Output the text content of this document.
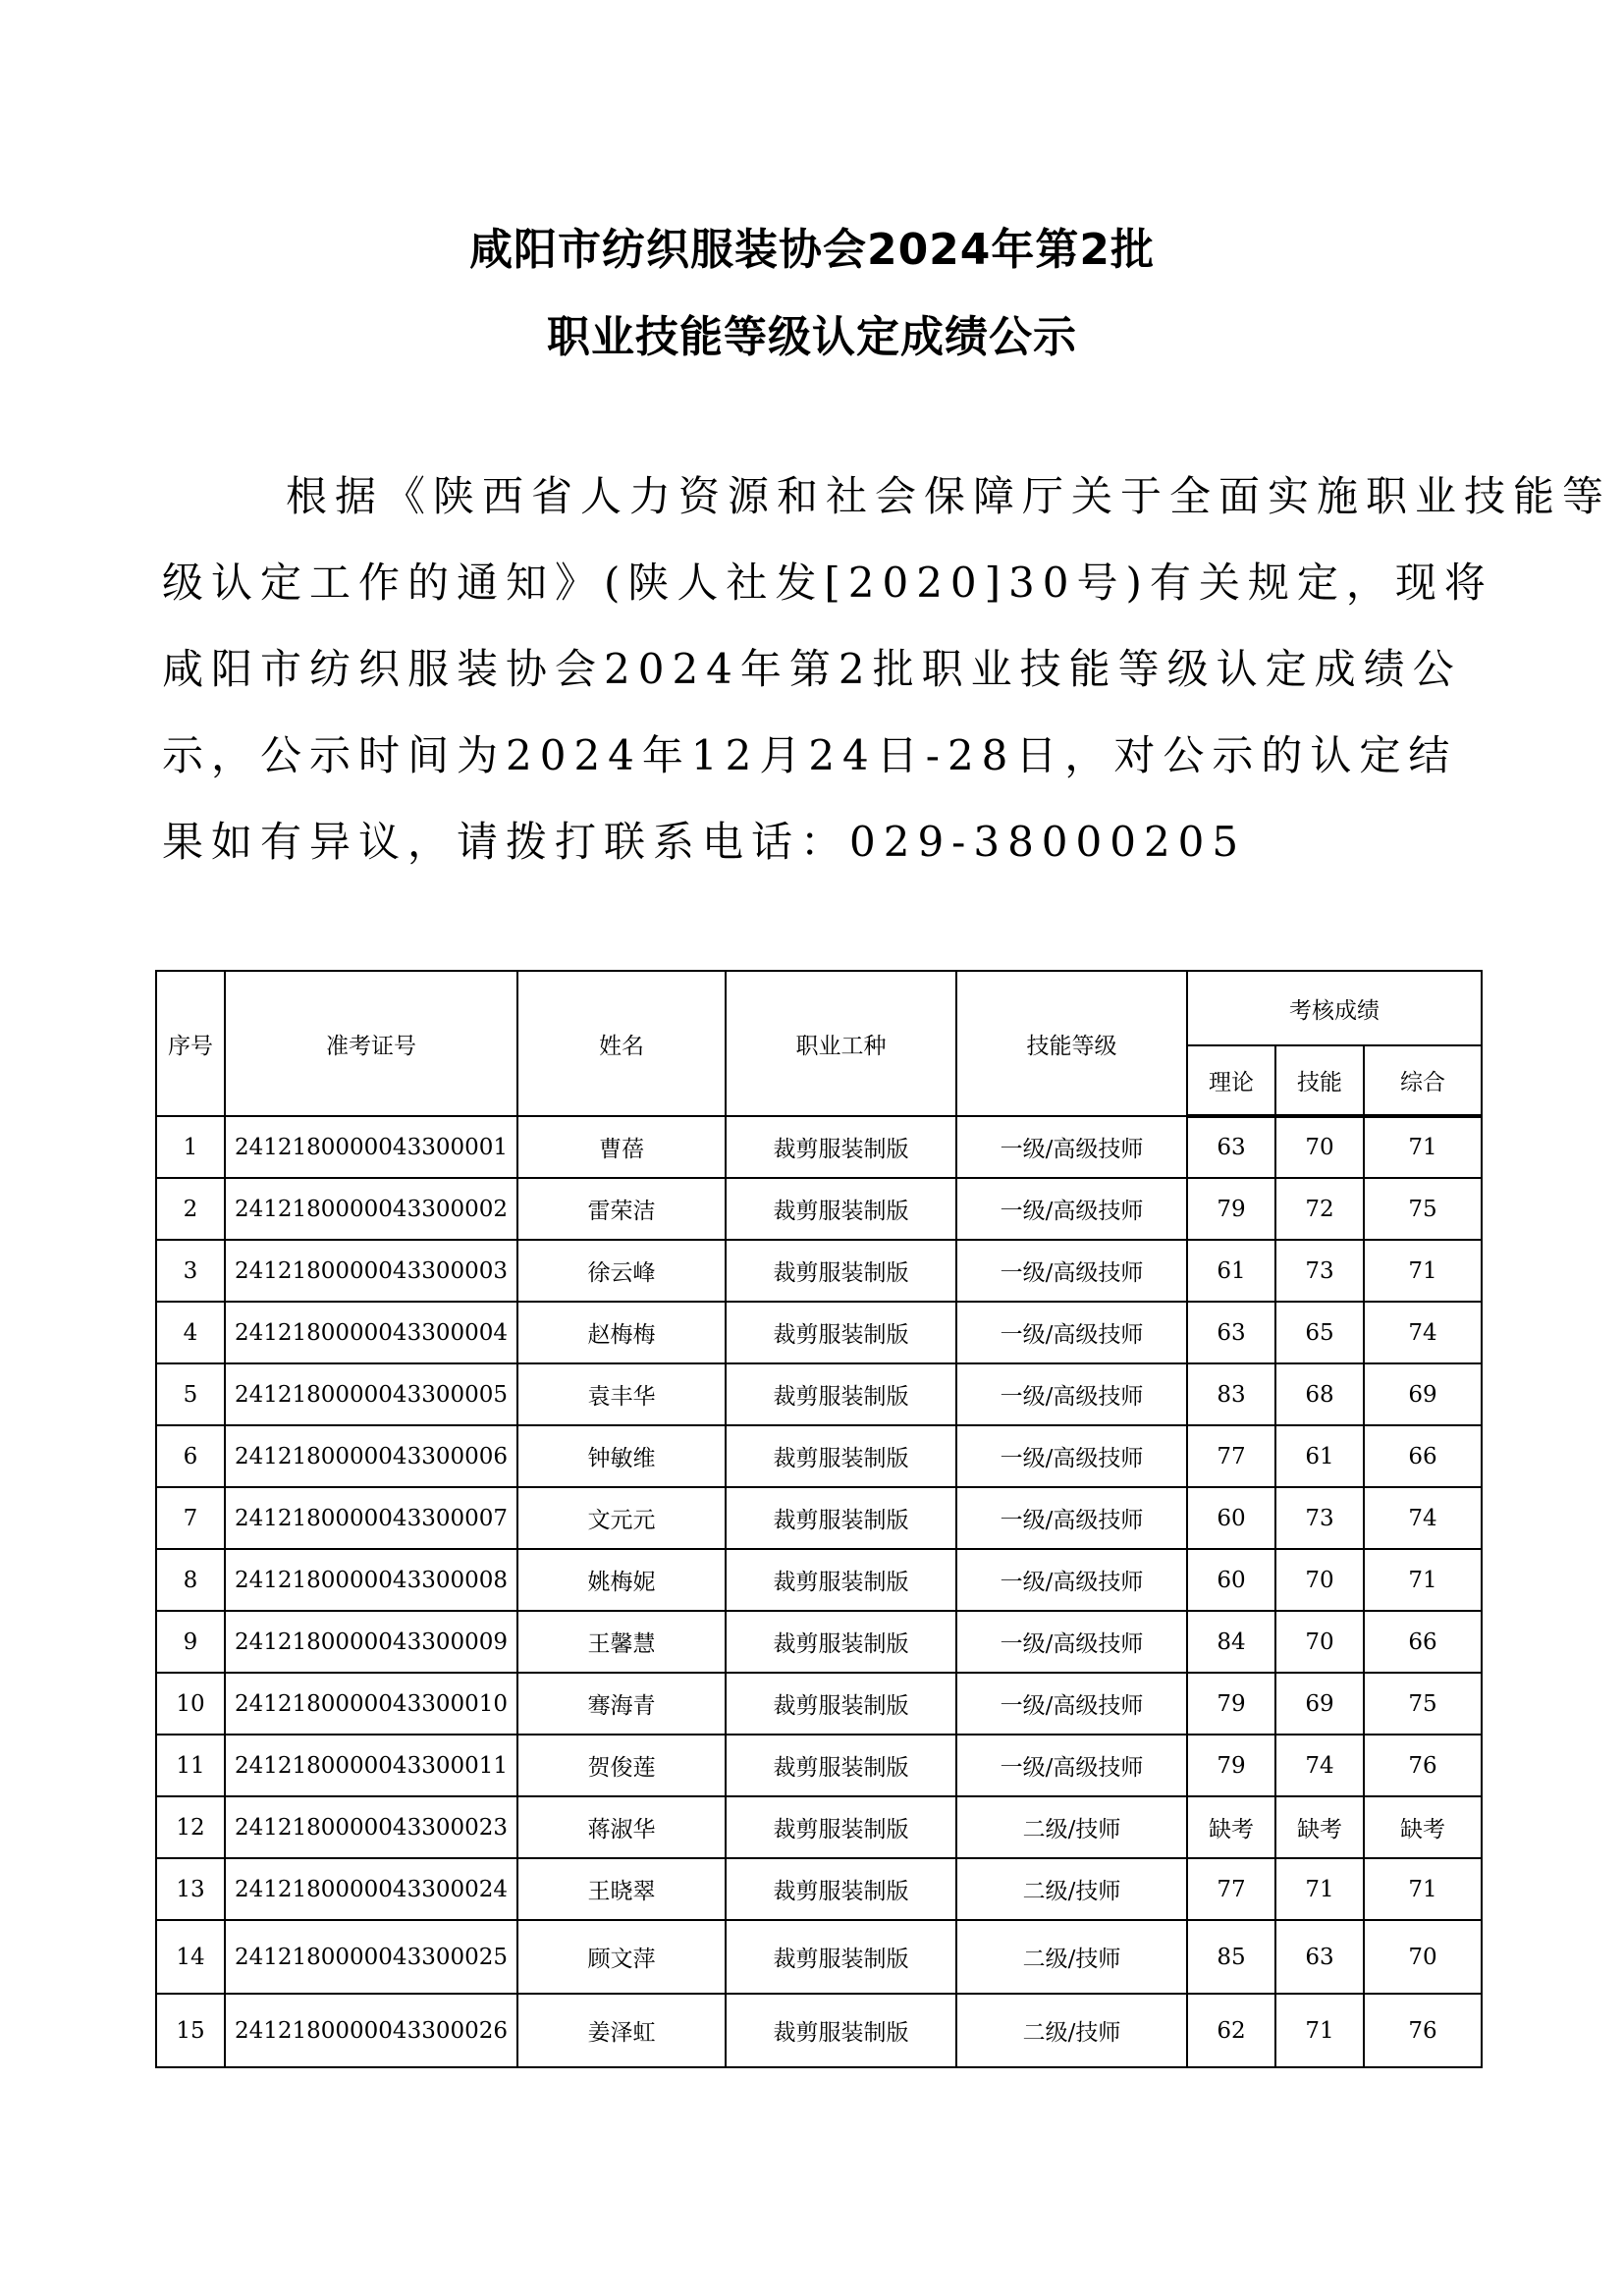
咸阳市纺织服装协会2024年第2批
职业技能等级认定成绩公示

根据《陕西省人力资源和社会保障厅关于全面实施职业技能等

级认定工作的通知》(陕人社发[2020]30号)有关规定，现将

咸阳市纺织服装协会2024年第2批职业技能等级认定成绩公

示，公示时间为2024年12月24日-28日，对公示的认定结

果如有异议，请拨打联系电话：029-38000205

序号	准考证号	姓名	职业工种	技能等级	考核成绩		
					理论	技能	综合
1	2412180000043300001	曹蓓	裁剪服装制版	一级/高级技师	63	70	71
2	2412180000043300002	雷荣洁	裁剪服装制版	一级/高级技师	79	72	75
3	2412180000043300003	徐云峰	裁剪服装制版	一级/高级技师	61	73	71
4	2412180000043300004	赵梅梅	裁剪服装制版	一级/高级技师	63	65	74
5	2412180000043300005	袁丰华	裁剪服装制版	一级/高级技师	83	68	69
6	2412180000043300006	钟敏维	裁剪服装制版	一级/高级技师	77	61	66
7	2412180000043300007	文元元	裁剪服装制版	一级/高级技师	60	73	74
8	2412180000043300008	姚梅妮	裁剪服装制版	一级/高级技师	60	70	71
9	2412180000043300009	王馨慧	裁剪服装制版	一级/高级技师	84	70	66
10	2412180000043300010	骞海青	裁剪服装制版	一级/高级技师	79	69	75
11	2412180000043300011	贺俊莲	裁剪服装制版	一级/高级技师	79	74	76
12	2412180000043300023	蒋淑华	裁剪服装制版	二级/技师	缺考	缺考	缺考
13	2412180000043300024	王晓翠	裁剪服装制版	二级/技师	77	71	71
14	2412180000043300025	顾文萍	裁剪服装制版	二级/技师	85	63	70
15	2412180000043300026	姜泽虹	裁剪服装制版	二级/技师	62	71	76
